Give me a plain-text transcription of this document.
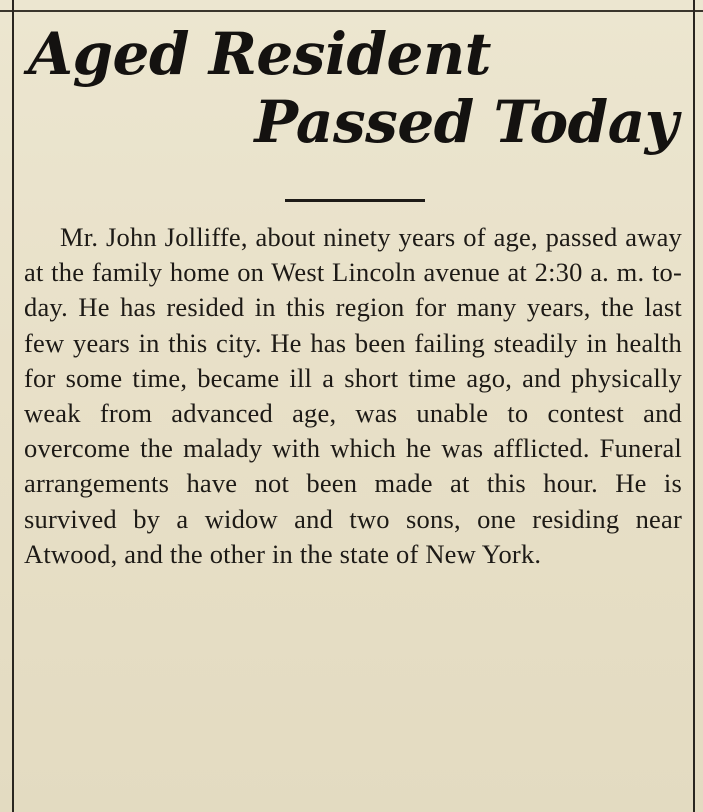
Aged Resident
Passed Today

Mr. John Jolliffe, about ninety years of age, passed away at the family home on West Lincoln avenue at 2:30 a. m. to-day. He has resided in this region for many years, the last few years in this city. He has been failing steadily in health for some time, became ill a short time ago, and physically weak from advanced age, was unable to contest and overcome the malady with which he was afflicted. Funeral arrangements have not been made at this hour. He is survived by a widow and two sons, one residing near Atwood, and the other in the state of New York.
